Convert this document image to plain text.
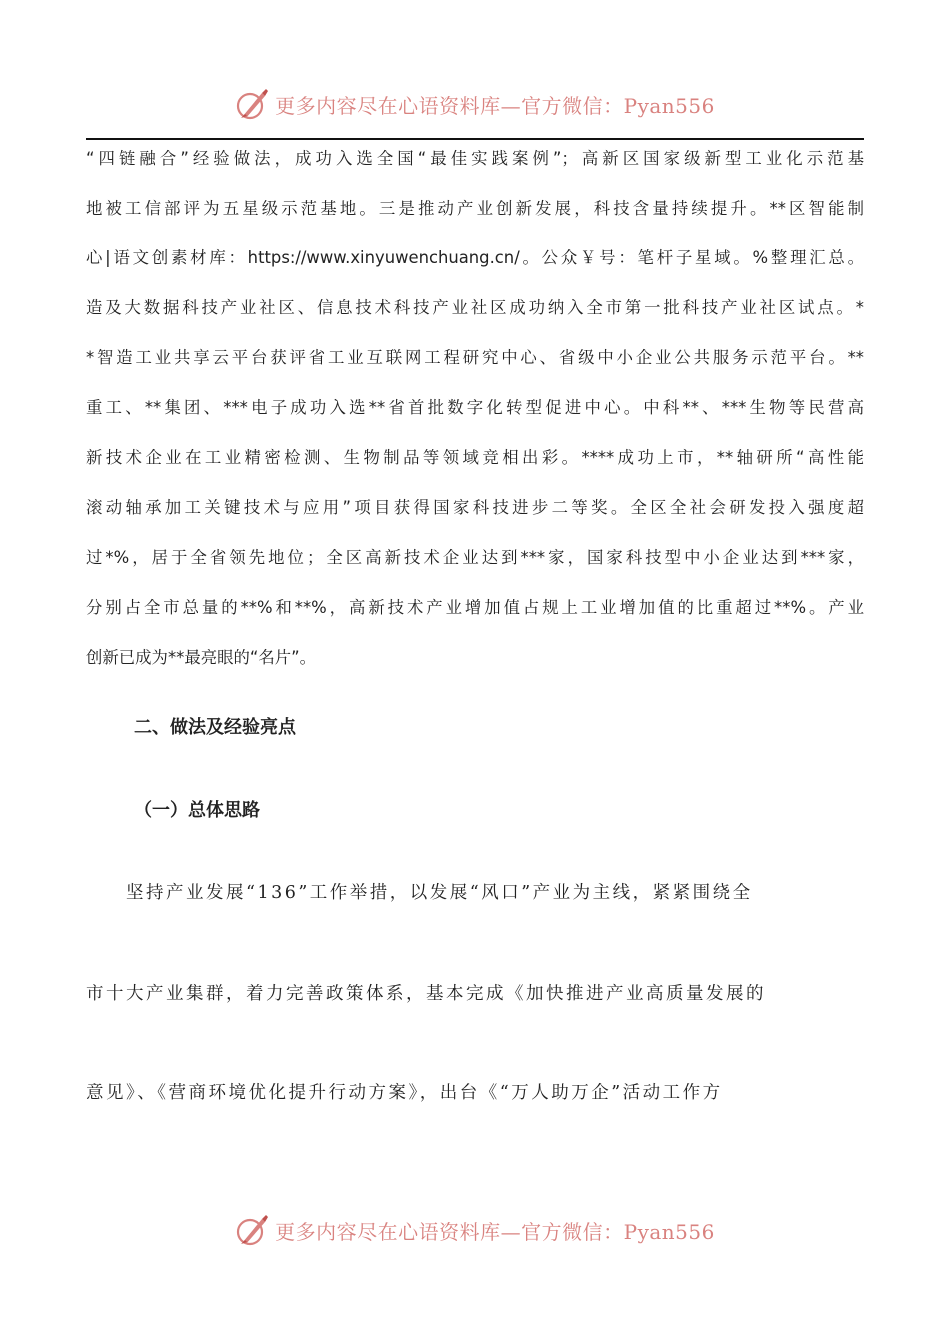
更多内容尽在心语资料库—官方微信：Pyan556
“四链融合”经验做法，成功入选全国“最佳实践案例”；高新区国家级新型工业化示范基
地被工信部评为五星级示范基地。三是推动产业创新发展，科技含量持续提升。**区智能制
心|语文创素材库：https://www.xinyuwenchuang.cn/。公众￥号：笔杆子星域。%整理汇总。
造及大数据科技产业社区、信息技术科技产业社区成功纳入全市第一批科技产业社区试点。*
*智造工业共享云平台获评省工业互联网工程研究中心、省级中小企业公共服务示范平台。**
重工、**集团、***电子成功入选**省首批数字化转型促进中心。中科**、***生物等民营高
新技术企业在工业精密检测、生物制品等领域竞相出彩。****成功上市，**轴研所“高性能
滚动轴承加工关键技术与应用”项目获得国家科技进步二等奖。全区全社会研发投入强度超
过*%，居于全省领先地位；全区高新技术企业达到***家，国家科技型中小企业达到***家，
分别占全市总量的**%和**%，高新技术产业增加值占规上工业增加值的比重超过**%。产业
创新已成为**最亮眼的“名片”。
二、做法及经验亮点
（一）总体思路
　　坚持产业发展“136”工作举措，以发展“风口”产业为主线，紧紧围绕全
市十大产业集群，着力完善政策体系，基本完成《加快推进产业高质量发展的
意见》、《营商环境优化提升行动方案》，出台《“万人助万企”活动工作方
更多内容尽在心语资料库—官方微信：Pyan556
